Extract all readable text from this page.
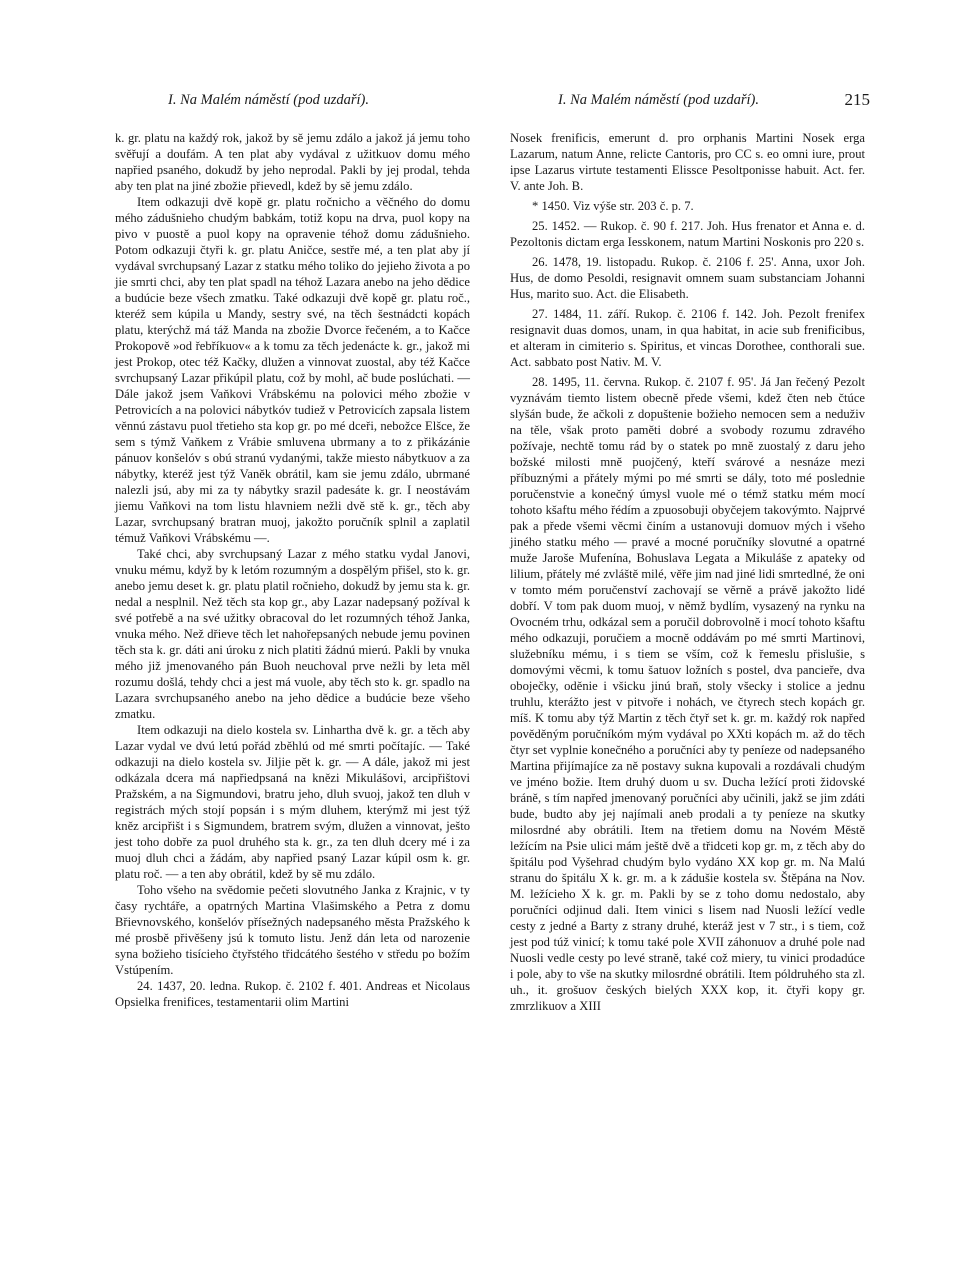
I. Na Malém náměstí (pod uzdaří).	I. Na Malém náměstí (pod uzdaří).	215

k. gr. platu na každý rok, jakož by sě jemu zdálo a jakož já jemu toho svěřují a doufám. A ten plat aby vydával z užitkuov domu mého napřied psaného, dokudž by jeho neprodal. Pakli by jej prodal, tehda aby ten plat na jiné zbožie přievedl, kdež by sě jemu zdálo.

Item odkazuji dvě kopě gr. platu ročnicho a věčného do domu mého zádušnieho chudým babkám, totiž kopu na drva, puol kopy na pivo v puostě a puol kopy na opravenie téhož domu zádušnieho. Potom odkazuji čtyři k. gr. platu Aničce, sestře mé, a ten plat aby jí vydával svrchupsaný Lazar z statku mého toliko do jejieho života a po jie smrti chci, aby ten plat spadl na téhož Lazara anebo na jeho dědice a budúcie beze všech zmatku. Také odkazuji dvě kopě gr. platu roč., kteréž sem kúpila u Mandy, sestry své, na těch šestnádcti kopách platu, kterýchž má táž Manda na zbožie Dvorce řečeném, a to Kačce Prokopově »od řebříkuov« a k tomu za těch jedenácte k. gr., jakož mi jest Prokop, otec též Kačky, dlužen a vinnovat zuostal, aby též Kačce svrchupsaný Lazar přikúpil platu, což by mohl, ač bude poslúchati. — Dále jakož jsem Vaňkovi Vrábskému na polovici mého zbožie v Petrovicích a na polovici nábytkóv tudiež v Petrovicích zapsala listem věnnú zástavu puol třetieho sta kop gr. po mé dceři, nebožce Elšce, že sem s týmž Vaňkem z Vrábie smluvena ubrmany a to z přikázánie pánuov konšelóv s obú stranú vydanými, takže miesto nábytkuov a za nábytky, kteréž jest týž Vaněk obrátil, kam sie jemu zdálo, ubrmané nalezli jsú, aby mi za ty nábytky srazil padesáte k. gr. I neostávám jiemu Vaňkovi na tom listu hlavniem nežli dvě stě k. gr., těch aby Lazar, svrchupsaný bratran muoj, jakožto poručník splnil a zaplatil témuž Vaňkovi Vrábskému —.

Také chci, aby svrchupsaný Lazar z mého statku vydal Janovi, vnuku mému, když by k letóm rozumným a dospělým přišel, sto k. gr. anebo jemu deset k. gr. platu platil ročnieho, dokudž by jemu sta k. gr. nedal a nesplnil. Než těch sta kop gr., aby Lazar nadepsaný požíval k své potřebě a na své užitky obracoval do let rozumných téhož Janka, vnuka mého. Než dřieve těch let nahořepsaných nebude jemu povinen těch sta k. gr. dáti ani úroku z nich platiti žádnú mierú. Pakli by vnuka mého již jmenovaného pán Buoh neuchoval prve nežli by leta měl rozumu došlá, tehdy chci a jest má vuole, aby těch sto k. gr. spadlo na Lazara svrchupsaného anebo na jeho dědice a budúcie beze všeho zmatku.

Item odkazuji na dielo kostela sv. Linhartha dvě k. gr. a těch aby Lazar vydal ve dvú letú pořád zběhlú od mé smrti počítajíc. — Také odkazuji na dielo kostela sv. Jiljie pět k. gr. — A dále, jakož mi jest odkázala dcera má napřiedpsaná na knězi Mikulášovi, arcipřištovi Pražském, a na Sigmundovi, bratru jeho, dluh svuoj, jakož ten dluh v registrách mých stojí popsán i s mým dluhem, kterýmž mi jest týž kněz arcipřišt i s Sigmundem, bratrem svým, dlužen a vinnovat, ješto jest toho dobře za puol druhého sta k. gr., za ten dluh dcery mé i za muoj dluh chci a žádám, aby napřied psaný Lazar kúpil osm k. gr. platu roč. — a ten aby obrátil, kdež by sě mu zdálo.

Toho všeho na svědomie pečeti slovutného Janka z Krajnic, v ty časy rychtáře, a opatrných Martina Vlašimského a Petra z domu Břievnovského, konšelóv přísežných nadepsaného města Pražského k mé prosbě přivěšeny jsú k tomuto listu. Jenž dán leta od narozenie syna božieho tisícieho čtyřstého třidcátého šestého v středu po božím Vstúpením.

24. 1437, 20. ledna. Rukop. č. 2102 f. 401. Andreas et Nicolaus Opsielka frenifices, testamentarii olim Martini

Nosek frenificis, emerunt d. pro orphanis Martini Nosek erga Lazarum, natum Anne, relicte Cantoris, pro CC s. eo omni iure, prout ipse Lazarus virtute testamenti Elissce Pesoltponisse habuit. Act. fer. V. ante Joh. B.

* 1450. Viz výše str. 203 č. p. 7.

25. 1452. — Rukop. č. 90 f. 217. Joh. Hus frenator et Anna e. d. Pezoltonis dictam erga Iesskonem, natum Martini Noskonis pro 220 s.

26. 1478, 19. listopadu. Rukop. č. 2106 f. 25'. Anna, uxor Joh. Hus, de domo Pesoldi, resignavit omnem suam substanciam Johanni Hus, marito suo. Act. die Elisabeth.

27. 1484, 11. září. Rukop. č. 2106 f. 142. Joh. Pezolt frenifex resignavit duas domos, unam, in qua habitat, in acie sub frenificibus, et alteram in cimiterio s. Spiritus, et vincas Dorothee, conthorali sue. Act. sabbato post Nativ. M. V.

28. 1495, 11. června. Rukop. č. 2107 f. 95'. Já Jan řečený Pezolt vyznávám tiemto listem obecně přede všemi, kdež čten neb čtúce slyšán bude, že ačkoli z dopuštenie božieho nemocen sem a neduživ na těle, však proto paměti dobré a svobody rozumu zdravého požívaje, nechtě tomu rád by o statek po mně zuostalý z daru jeho božské milosti mně puojčený, kteří svárové a nesnáze mezi příbuznými a přátely mými po mé smrti se dály, toto mé poslednie poručenstvie a konečný úmysl vuole mé o témž statku mém mocí tohoto kšaftu mého řédím a zpuosobuji obyčejem takovýmto. Najprvé pak a přede všemi věcmi činím a ustanovuji domuov mých i všeho jiného statku mého — pravé a mocné poručníky slovutné a opatrné muže Jaroše Mufenína, Bohuslava Legata a Mikuláše z apateky od lilium, přátely mé zvláště milé, věře jim nad jiné lidi smrtedlné, že oni v tomto mém poručenství zachovají se věrně a právě jakožto lidé dobří. V tom pak duom muoj, v němž bydlím, vysazený na rynku na Ovocném trhu, odkázal sem a poručil dobrovolně i mocí tohoto kšaftu mého odkazuji, poručiem a mocně oddávám po mé smrti Martinovi, služebníku mému, i s tiem se vším, což k řemeslu přislušie, s domovými věcmi, k tomu šatuov ložních s postel, dva pancieře, dva oboječky, oděnie i všicku jinú braň, stoly všecky i stolice a jednu truhlu, kterážto jest v pitvoře i nohách, ve čtyrech stech kopách gr. míš. K tomu aby týž Martin z těch čtyř set k. gr. m. každý rok napřed pověděným poručníkóm mým vydával po XXti kopách m. až do těch čtyr set vyplnie konečného a poručníci aby ty peníeze od nadepsaného Martina přijímajíce za ně postavy sukna kupovali a rozdávali chudým ve jméno božie. Item druhý duom u sv. Ducha ležící proti židovské bráně, s tím napřed jmenovaný poručníci aby učinili, jakž se jim zdáti bude, budto aby jej najímali aneb prodali a ty peníeze na skutky milosrdné aby obrátili. Item na třetiem domu na Novém Městě ležícím na Psie ulici mám ještě dvě a třidceti kop gr. m, z těch aby do špitálu pod Vyšehrad chudým bylo vydáno XX kop gr. m. Na Malú stranu do špitálu X k. gr. m. a k zádušie kostela sv. Štěpána na Nov. M. ležícieho X k. gr. m. Pakli by se z toho domu nedostalo, aby poručníci odjinud dali. Item vinici s lisem nad Nuosli ležící vedle cesty z jedné a Barty z strany druhé, kteráž jest v 7 str., i s tiem, což jest pod túž vinicí; k tomu také pole XVII záhonuov a druhé pole nad Nuosli vedle cesty po levé straně, také což miery, tu vinici prodadúce i pole, aby to vše na skutky milosrdné obrátili. Item póldruhého sta zl. uh., it. grošuov českých bielých XXX kop, it. čtyři kopy gr. zmrzlikuov a XIII
